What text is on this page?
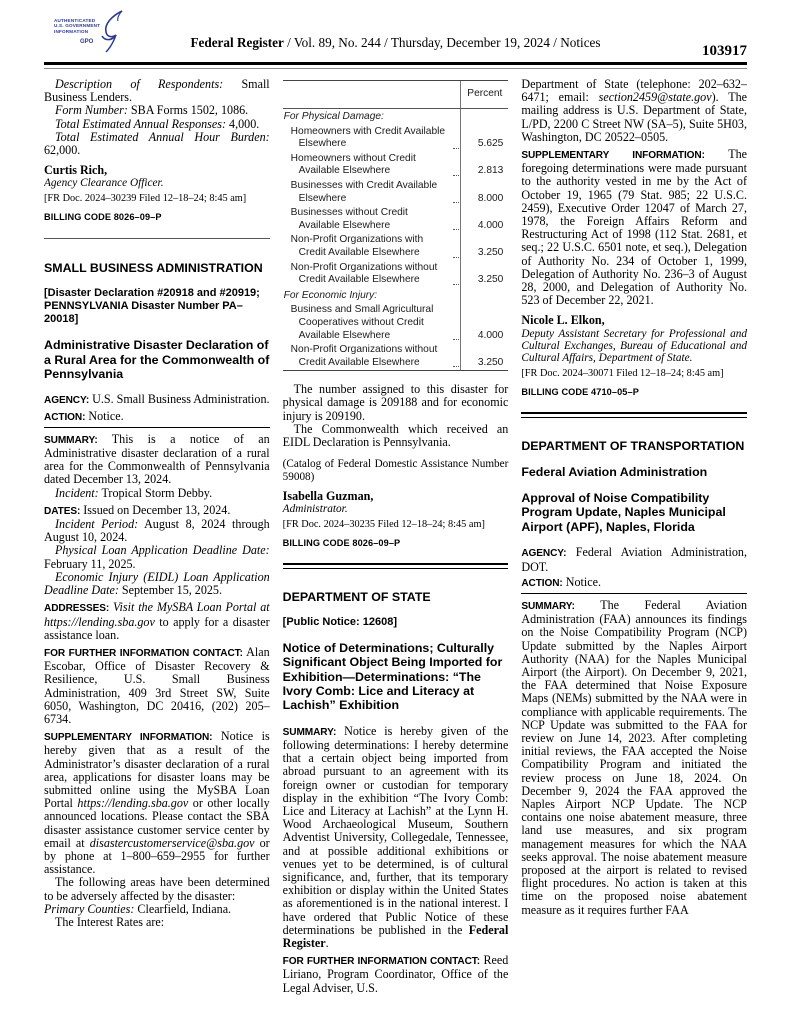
AUTHENTICATED
U.S. GOVERNMENT
INFORMATION
GPO	Federal Register / Vol. 89, No. 244 / Thursday, December 19, 2024 / Notices
103917

Description of Respondents: Small Business Lenders.

Form Number: SBA Forms 1502, 1086.

Total Estimated Annual Responses: 4,000.

Total Estimated Annual Hour Burden: 62,000.

Curtis Rich,

Agency Clearance Officer.

[FR Doc. 2024–30239 Filed 12–18–24; 8:45 am]

BILLING CODE 8026–09–P

SMALL BUSINESS ADMINISTRATION

[Disaster Declaration #20918 and #20919; PENNSYLVANIA Disaster Number PA–20018]

Administrative Disaster Declaration of a Rural Area for the Commonwealth of Pennsylvania

AGENCY: U.S. Small Business Administration.

ACTION: Notice.

SUMMARY: This is a notice of an Administrative disaster declaration of a rural area for the Commonwealth of Pennsylvania dated December 13, 2024.

Incident: Tropical Storm Debby.

DATES: Issued on December 13, 2024.

Incident Period: August 8, 2024 through August 10, 2024.

Physical Loan Application Deadline Date: February 11, 2025.

Economic Injury (EIDL) Loan Application Deadline Date: September 15, 2025.

ADDRESSES: Visit the MySBA Loan Portal at https://lending.sba.gov to apply for a disaster assistance loan.

FOR FURTHER INFORMATION CONTACT: Alan Escobar, Office of Disaster Recovery & Resilience, U.S. Small Business Administration, 409 3rd Street SW, Suite 6050, Washington, DC 20416, (202) 205–6734.

SUPPLEMENTARY INFORMATION: Notice is hereby given that as a result of the Administrator’s disaster declaration of a rural area, applications for disaster loans may be submitted online using the MySBA Loan Portal https://lending.sba.gov or other locally announced locations. Please contact the SBA disaster assistance customer service center by email at disastercustomerservice@sba.gov or by phone at 1–800–659–2955 for further assistance.

The following areas have been determined to be adversely affected by the disaster:

Primary Counties: Clearfield, Indiana.

The Interest Rates are:

Percent
For Physical Damage:
Homeowners with Credit Available Elsewhere	5.625
Homeowners without Credit Available Elsewhere	2.813
Businesses with Credit Available Elsewhere	8.000
Businesses without Credit Available Elsewhere	4.000
Non-Profit Organizations with Credit Available Elsewhere	3.250
Non-Profit Organizations without Credit Available Elsewhere	3.250
For Economic Injury:
Business and Small Agricultural Cooperatives without Credit Available Elsewhere	4.000
Non-Profit Organizations without Credit Available Elsewhere	3.250

The number assigned to this disaster for physical damage is 209188 and for economic injury is 209190.

The Commonwealth which received an EIDL Declaration is Pennsylvania.

(Catalog of Federal Domestic Assistance Number 59008)

Isabella Guzman,

Administrator.

[FR Doc. 2024–30235 Filed 12–18–24; 8:45 am]

BILLING CODE 8026–09–P

DEPARTMENT OF STATE

[Public Notice: 12608]

Notice of Determinations; Culturally Significant Object Being Imported for Exhibition—Determinations: “The Ivory Comb: Lice and Literacy at Lachish” Exhibition

SUMMARY: Notice is hereby given of the following determinations: I hereby determine that a certain object being imported from abroad pursuant to an agreement with its foreign owner or custodian for temporary display in the exhibition “The Ivory Comb: Lice and Literacy at Lachish” at the Lynn H. Wood Archaeological Museum, Southern Adventist University, Collegedale, Tennessee, and at possible additional exhibitions or venues yet to be determined, is of cultural significance, and, further, that its temporary exhibition or display within the United States as aforementioned is in the national interest. I have ordered that Public Notice of these determinations be published in the Federal Register.

FOR FURTHER INFORMATION CONTACT: Reed Liriano, Program Coordinator, Office of the Legal Adviser, U.S.

Department of State (telephone: 202–632–6471; email: section2459@state.gov). The mailing address is U.S. Department of State, L/PD, 2200 C Street NW (SA–5), Suite 5H03, Washington, DC 20522–0505.

SUPPLEMENTARY INFORMATION: The foregoing determinations were made pursuant to the authority vested in me by the Act of October 19, 1965 (79 Stat. 985; 22 U.S.C. 2459), Executive Order 12047 of March 27, 1978, the Foreign Affairs Reform and Restructuring Act of 1998 (112 Stat. 2681, et seq.; 22 U.S.C. 6501 note, et seq.), Delegation of Authority No. 234 of October 1, 1999, Delegation of Authority No. 236–3 of August 28, 2000, and Delegation of Authority No. 523 of December 22, 2021.

Nicole L. Elkon,

Deputy Assistant Secretary for Professional and Cultural Exchanges, Bureau of Educational and Cultural Affairs, Department of State.

[FR Doc. 2024–30071 Filed 12–18–24; 8:45 am]

BILLING CODE 4710–05–P

DEPARTMENT OF TRANSPORTATION

Federal Aviation Administration

Approval of Noise Compatibility Program Update, Naples Municipal Airport (APF), Naples, Florida

AGENCY: Federal Aviation Administration, DOT.

ACTION: Notice.

SUMMARY: The Federal Aviation Administration (FAA) announces its findings on the Noise Compatibility Program (NCP) Update submitted by the Naples Airport Authority (NAA) for the Naples Municipal Airport (the Airport). On December 9, 2021, the FAA determined that Noise Exposure Maps (NEMs) submitted by the NAA were in compliance with applicable requirements. The NCP Update was submitted to the FAA for review on June 14, 2023. After completing initial reviews, the FAA accepted the Noise Compatibility Program and initiated the review process on June 18, 2024. On December 9, 2024 the FAA approved the Naples Airport NCP Update. The NCP contains one noise abatement measure, three land use measures, and six program management measures for which the NAA seeks approval. The noise abatement measure proposed at the airport is related to revised flight procedures. No action is taken at this time on the proposed noise abatement measure as it requires further FAA
